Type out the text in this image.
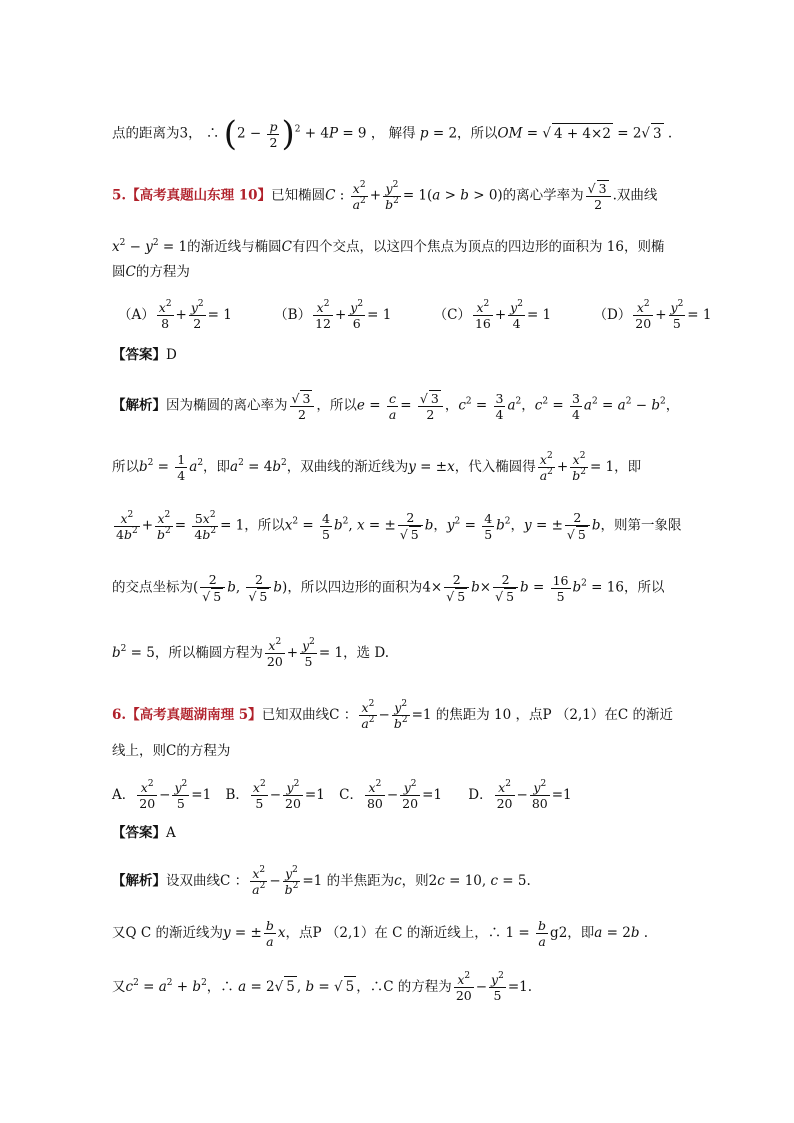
点的距离为3， ∴ $(2 - \frac{p}{2} )^2 + 4P = 9$ ， 解得 p = 2，所以OM = √ 4 + 4×2 = 2√ 3 .
5.【高考真题山东理 10】已知椭圆C : $\frac{x^2}{a^2} + \frac{y^2}{b^2} = 1(a > b > 0)$的离心学率为 $\frac{√ 3}{2}$ .双曲线
$x^2 - y^2 = 1$的渐近线与椭圆C有四个交点，以这四个焦点为顶点的四边形的面积为 16，则椭
圆C的方程为
$(A) \frac{x^2}{8} + \frac{y^2}{2} = 1$	$(B) \frac{x^2}{12} + \frac{y^2}{6} = 1$	$(C) \frac{x^2}{16} + \frac{y^2}{4} = 1$	$(D) \frac{x^2}{20} + \frac{y^2}{5} = 1$
【答案】D
【解析】因为椭圆的离心率为 $\frac{√ 3}{2}$ ，所以$e = \frac{c}{a} = \frac{√ 3}{2}$ ，$c^2 = \frac{3}{4} a^2$，$c^2 = \frac{3}{4} a^2 = a^2 - b^2$，
所以$b^2 = \frac{1}{4} a^2$，即$a^2 = 4b^2$，双曲线的渐近线为y = ±x，代入椭圆得 $\frac{x^2}{a^2} + \frac{x^2}{b^2} = 1$，即
$\frac{x^2}{4b^2} + \frac{x^2}{b^2} = \frac{5x^2}{4b^2} = 1$，所以$x^2 = \frac{4}{5} b^2$, x = ± $\frac{2}{√ 5}$ b，$y^2 = \frac{4}{5} b^2$，y = ± $\frac{2}{√ 5}$ b，则第一象限
的交点坐标为( $\frac{2}{√ 5} b$, $\frac{2}{√ 5} b$)，所以四边形的面积为$4\times \frac{2}{√ 5} b\times \frac{2}{√ 5}$ $b = \frac{16}{5} b^2 = 16$，所以
$b^2 = 5$，所以椭圆方程为 $\frac{x^2}{20} + \frac{y^2}{5} = 1$，选 D.
6.【高考真题湖南理 5】已知双曲线C ： $\frac{x^2}{a^2} - \frac{y^2}{b^2} =1$ 的焦距为 10 ，点P （2,1）在C 的渐近
线上，则C的方程为
A． $\frac{x^2}{20} - \frac{y^2}{5} =1$ B． $\frac{x^2}{5} - \frac{y^2}{20} =1$ C． $\frac{x^2}{80} - \frac{y^2}{20} =1$ D． $\frac{x^2}{20} - \frac{y^2}{80} =1$
【答案】A
【解析】设双曲线C ： $\frac{x^2}{a^2} - \frac{y^2}{b^2} =1$ 的半焦距为c，则2c = 10, c = 5.
又Q C 的渐近线为y = ± $\frac{b}{a}$ x，点P （2,1）在 C 的渐近线上，∴ $1 = \frac{b}{a} g2$，即a = 2b .
又$c^2 = a^2 + b^2$，∴ a = 2√ 5 , b = √ 5 ，∴C 的方程为 $\frac{x^2}{20} - \frac{y^2}{5} =1$.
